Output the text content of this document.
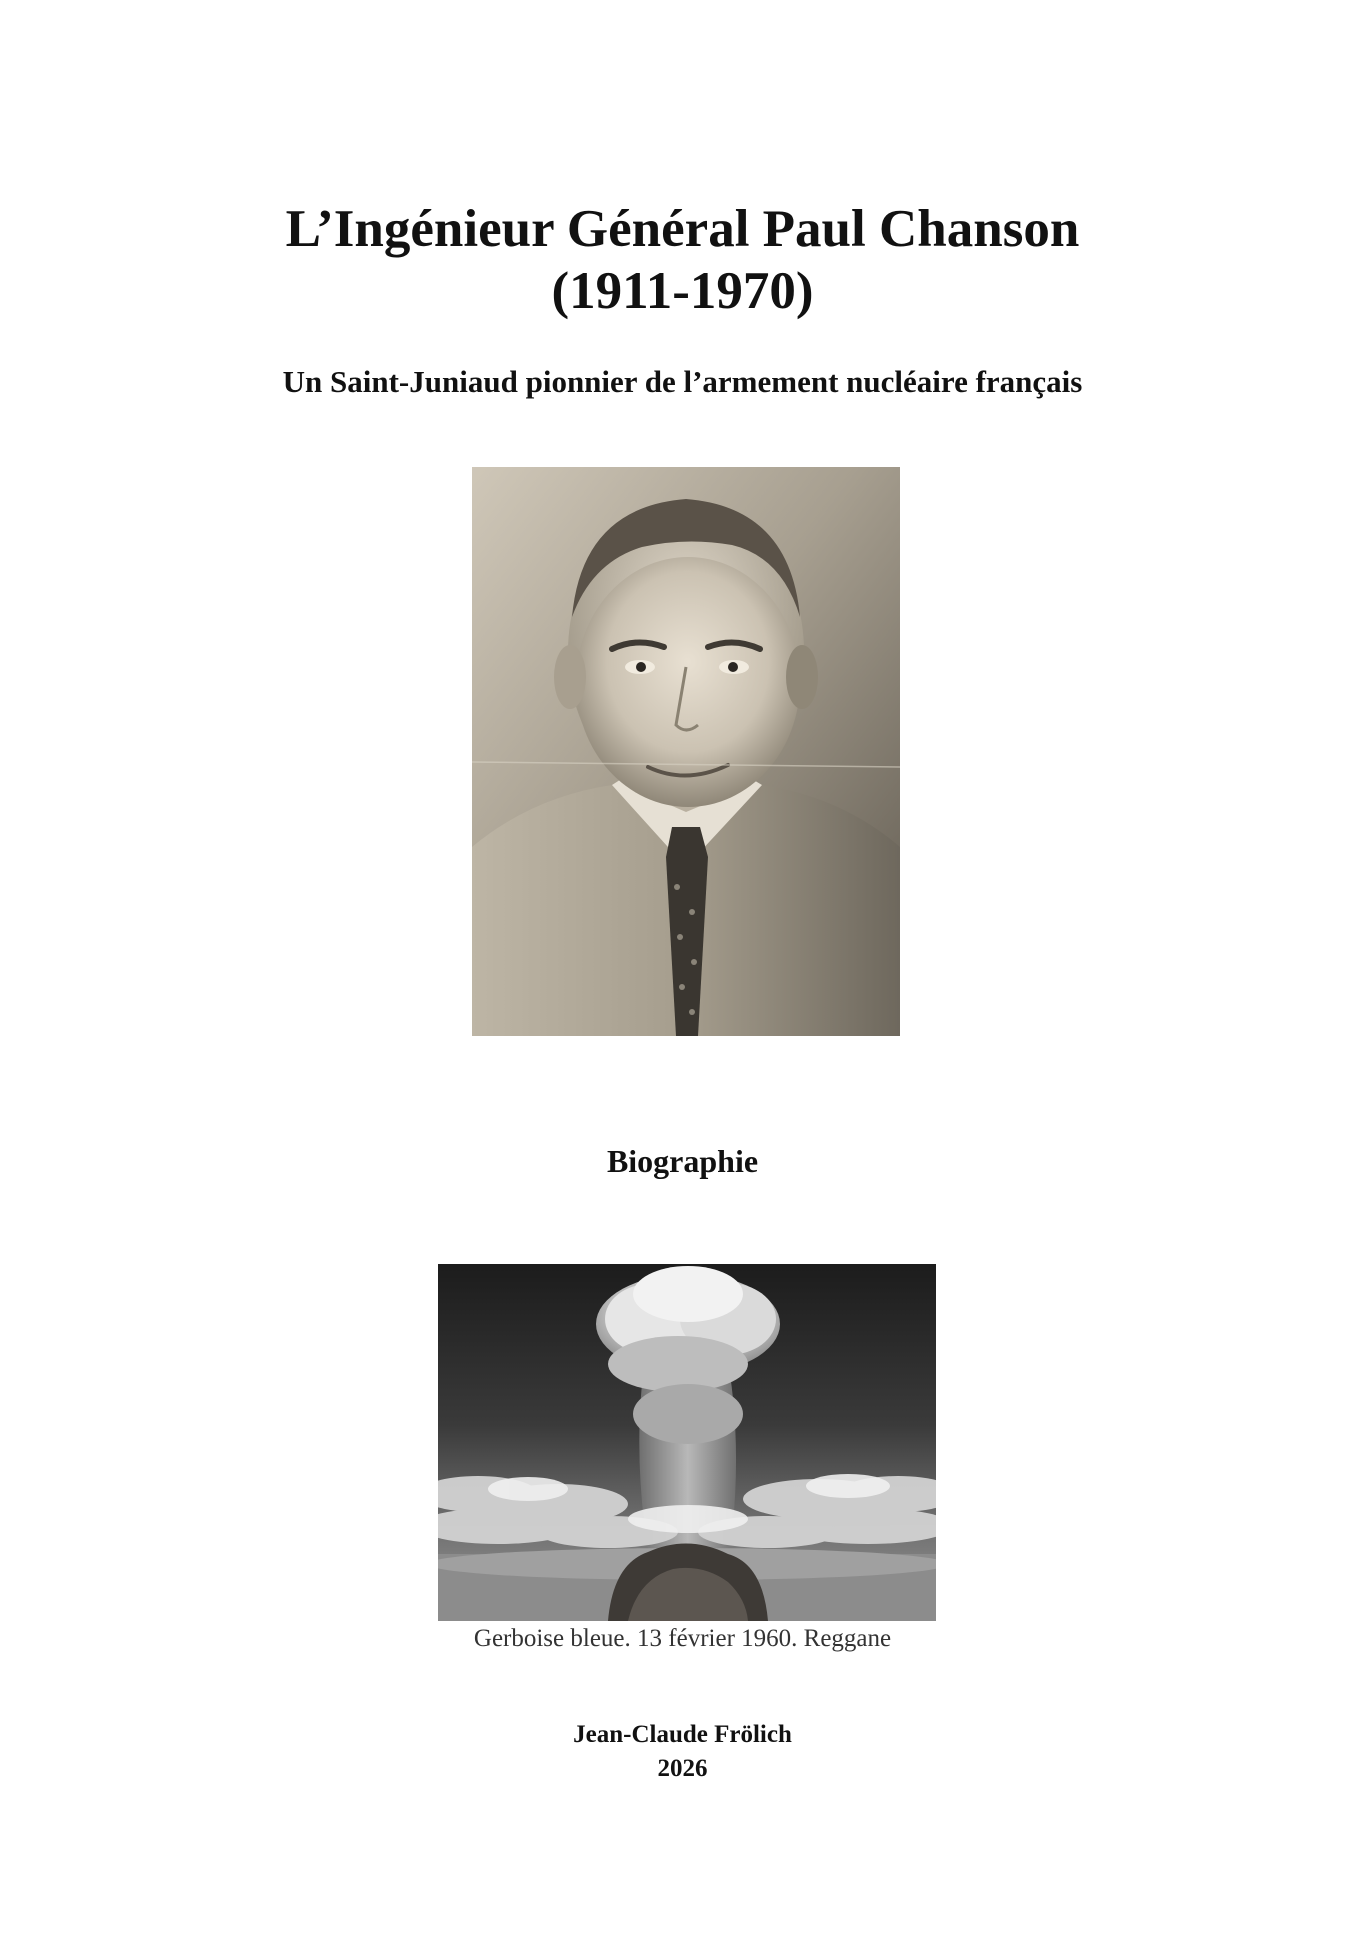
L’Ingénieur Général Paul Chanson
(1911-1970)
Un Saint-Juniaud pionnier de l’armement nucléaire français
Biographie
Gerboise bleue. 13 février 1960. Reggane
Jean-Claude Frölich
2026
